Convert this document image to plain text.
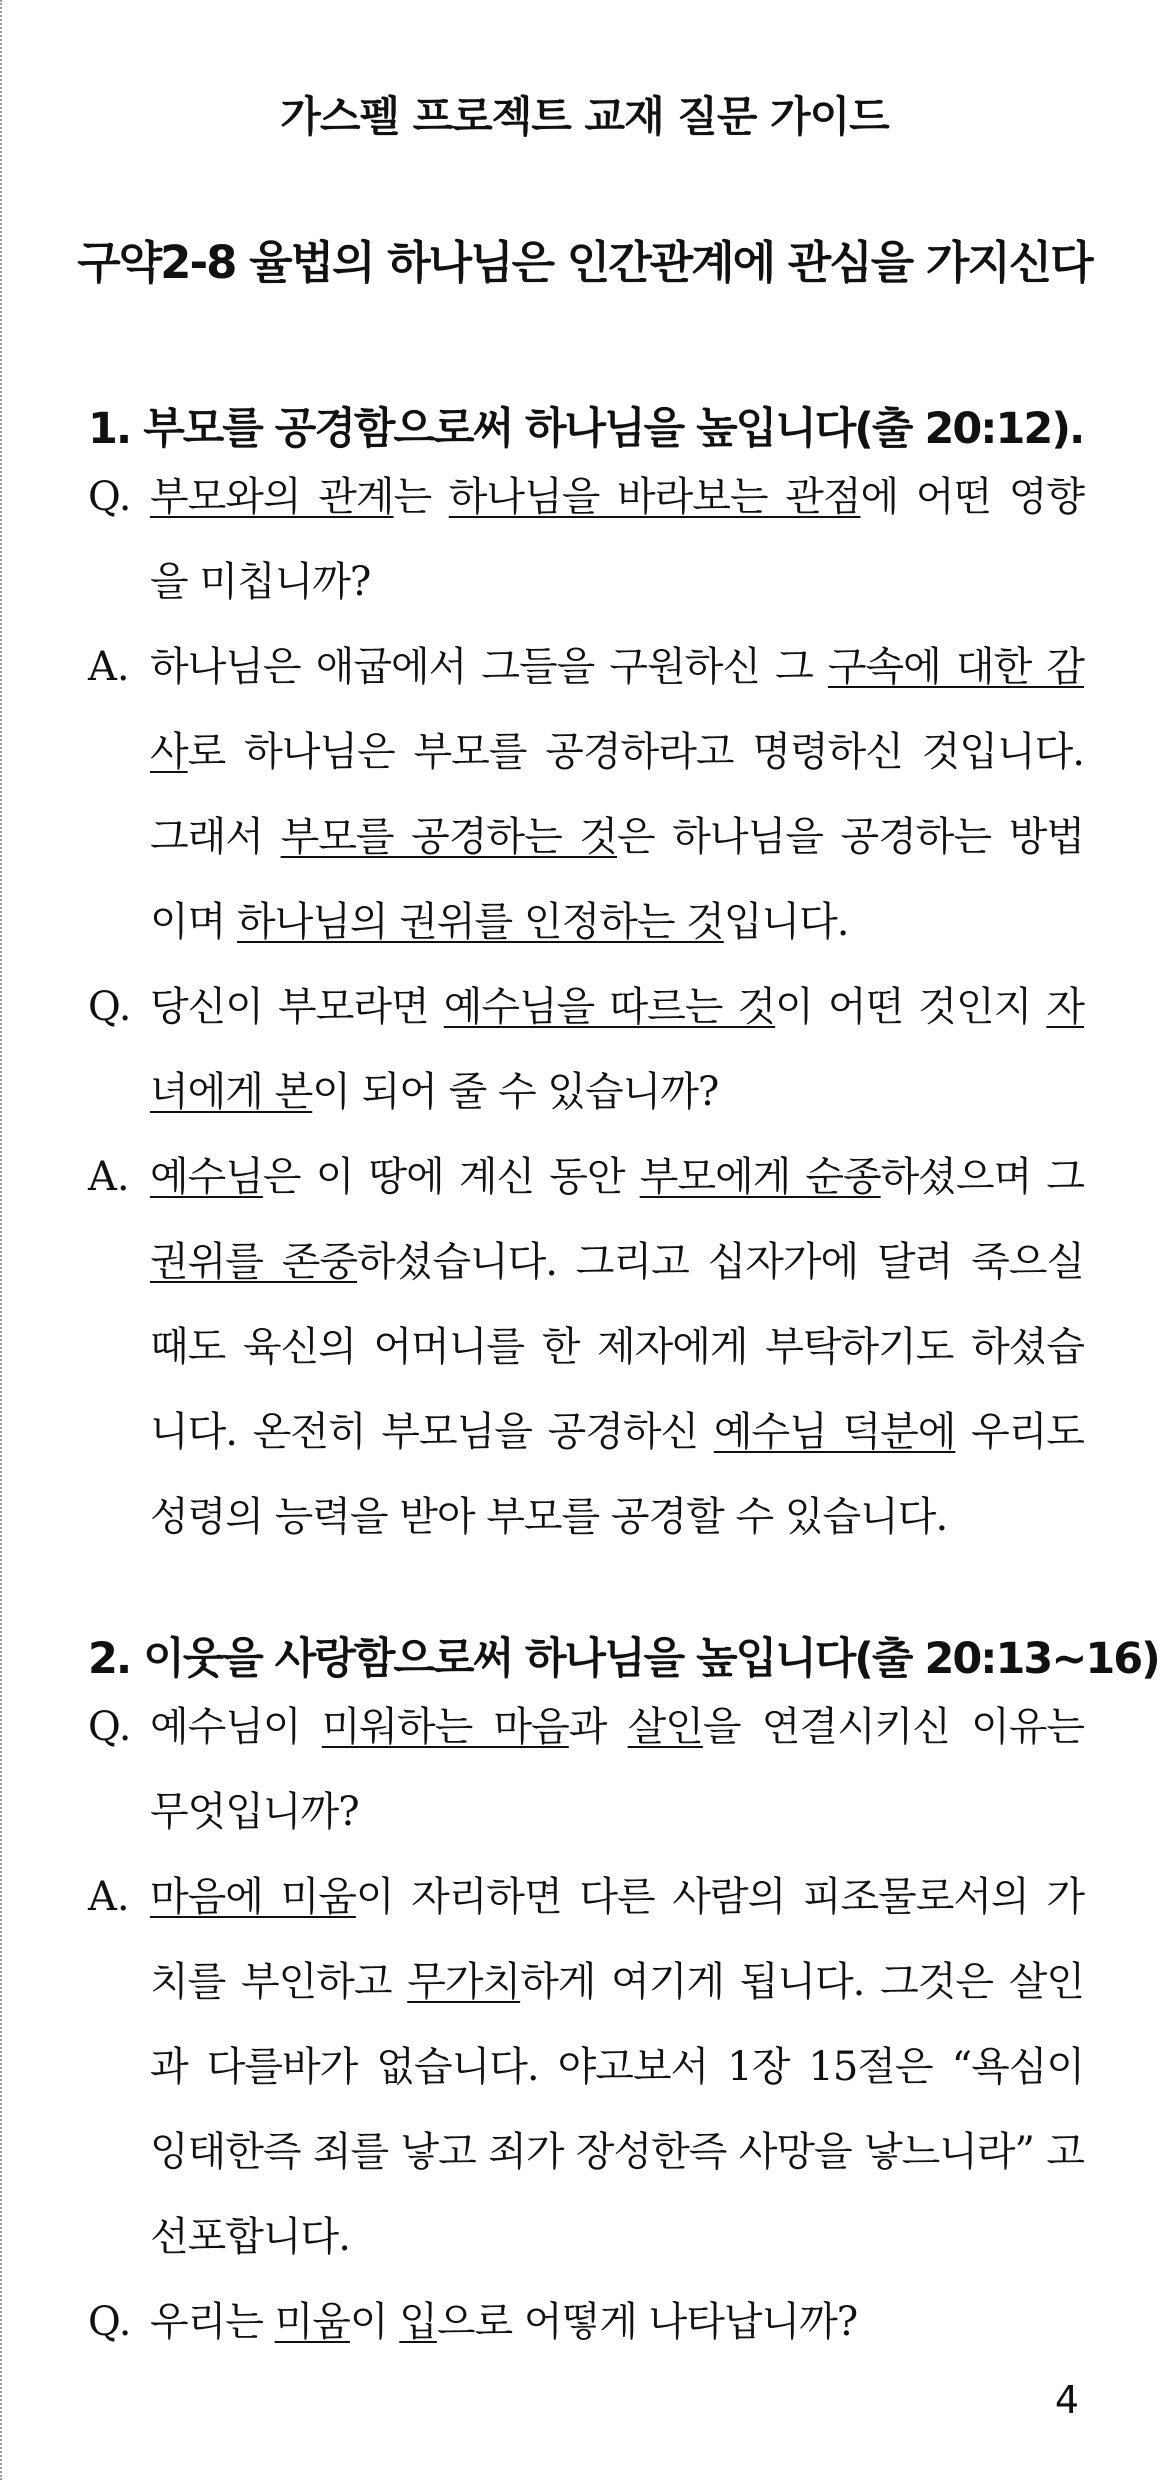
가스펠 프로젝트 교재 질문 가이드
구약2-8 율법의 하나님은 인간관계에 관심을 가지신다
1. 부모를 공경함으로써 하나님을 높입니다(출 20:12).
Q. 부모와의 관계는 하나님을 바라보는 관점에 어떤 영향을 미칩니까?
A. 하나님은 애굽에서 그들을 구원하신 그 구속에 대한 감사로 하나님은 부모를 공경하라고 명령하신 것입니다. 그래서 부모를 공경하는 것은 하나님을 공경하는 방법이며 하나님의 권위를 인정하는 것입니다.
Q. 당신이 부모라면 예수님을 따르는 것이 어떤 것인지 자녀에게 본이 되어 줄 수 있습니까?
A. 예수님은 이 땅에 계신 동안 부모에게 순종하셨으며 그 권위를 존중하셨습니다. 그리고 십자가에 달려 죽으실 때도 육신의 어머니를 한 제자에게 부탁하기도 하셨습니다. 온전히 부모님을 공경하신 예수님 덕분에 우리도 성령의 능력을 받아 부모를 공경할 수 있습니다.
2. 이웃을 사랑함으로써 하나님을 높입니다(출 20:13~16)
Q. 예수님이 미워하는 마음과 살인을 연결시키신 이유는 무엇입니까?
A. 마음에 미움이 자리하면 다른 사람의 피조물로서의 가치를 부인하고 무가치하게 여기게 됩니다. 그것은 살인과 다를바가 없습니다. 야고보서 1장 15절은 “욕심이 잉태한즉 죄를 낳고 죄가 장성한즉 사망을 낳느니라” 고선포합니다.
Q. 우리는 미움이 입으로 어떻게 나타납니까?
4
